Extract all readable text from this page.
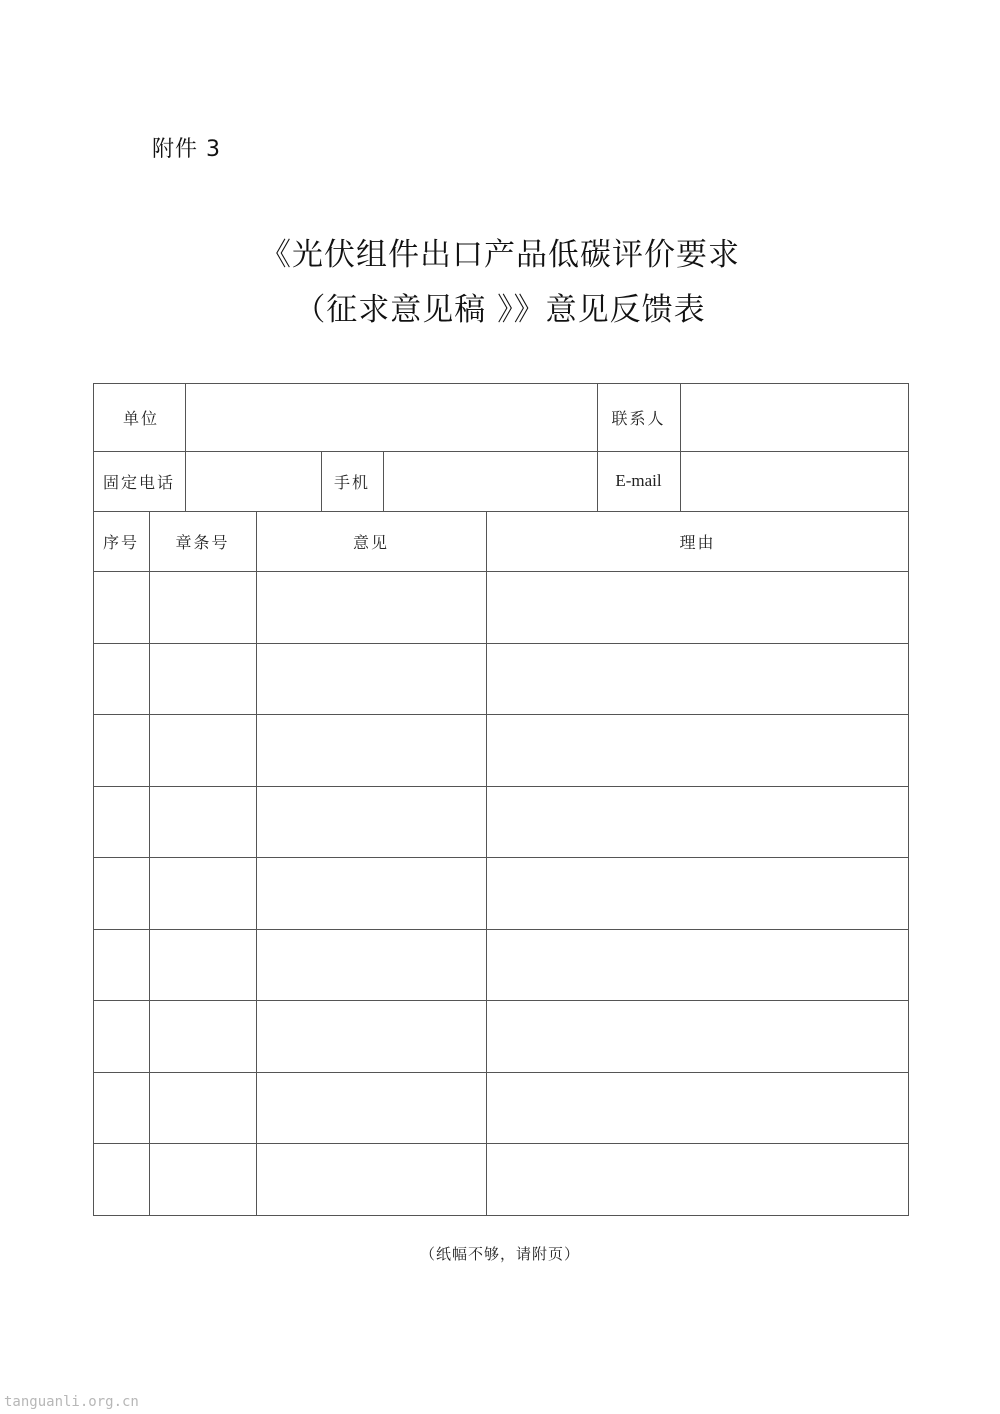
附件 3
《光伏组件出口产品低碳评价要求
（征求意见稿 》》意见反馈表
单位	联系人
固定电话	手机	E-mail
序号	章条号	意见	理由
（纸幅不够，请附页）
tanguanli.org.cn
